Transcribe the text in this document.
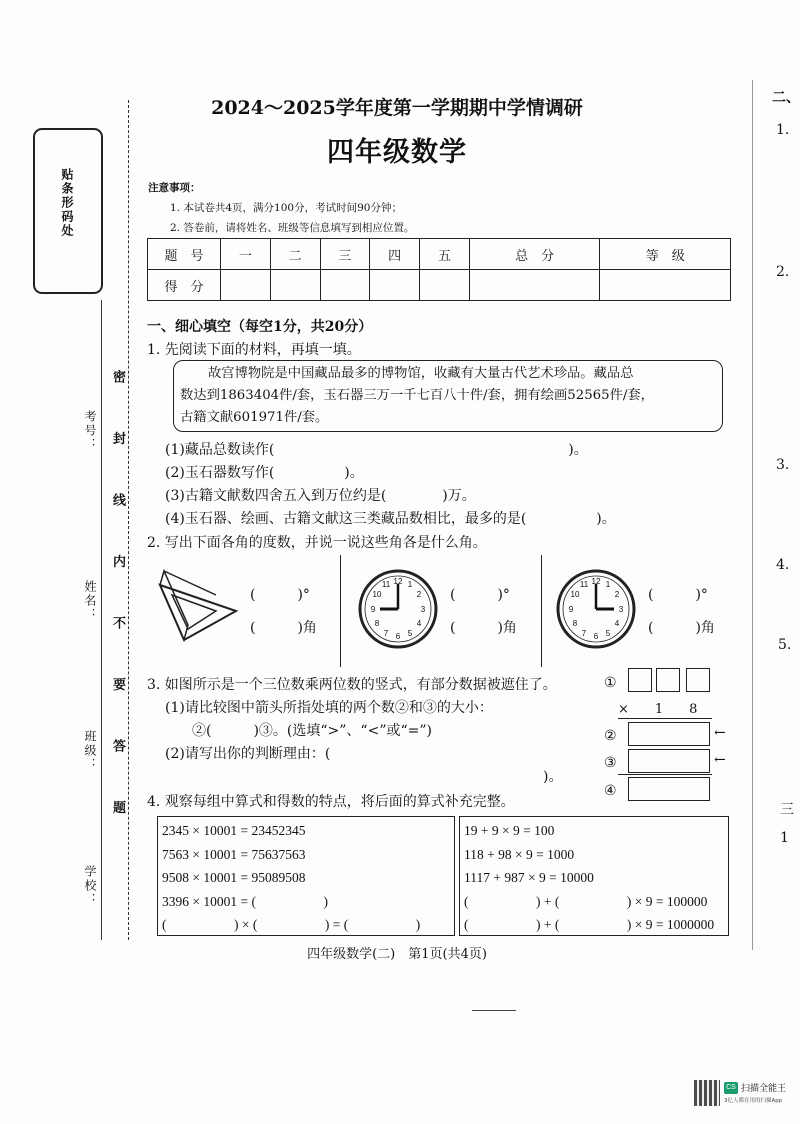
贴条形码处
密 封 线 内 不 要 答 题
考号：
姓名：
班级：
学校：
2024～2025学年度第一学期期中学情调研
四年级数学
注意事项：
1. 本试卷共4页，满分100分，考试时间90分钟；
2. 答卷前，请将姓名、班级等信息填写到相应位置。
题　号	一	二	三	四	五	总　分	等　级
得　分							
一、细心填空（每空1分，共20分）
1. 先阅读下面的材料，再填一填。
故宫博物院是中国藏品最多的博物馆，收藏有大量古代艺术珍品。藏品总
数达到1863404件/套，玉石器三万一千七百八十件/套，拥有绘画52565件/套，
古籍文献601971件/套。
(1)藏品总数读作(　　　　　　　　　　　　　　　　　　　　　)。
(2)玉石器数写作(　　　　　)。
(3)古籍文献数四舍五入到万位约是(　　　　)万。
(4)玉石器、绘画、古籍文献这三类藏品数相比，最多的是(　　　　　)。
2. 写出下面各角的度数，并说一说这些角各是什么角。
(　　　)°
(　　　)角
12 1
2
3
4
5
6
7
8
9
10
11
(　　　)°
(　　　)角
12 1
2
3
4
5
6
7
8
9
10
11
(　　　)°
(　　　)角
3. 如图所示是一个三位数乘两位数的竖式，有部分数据被遮住了。
(1)请比较图中箭头所指处填的两个数②和③的大小：
②(　　　)③。(选填“>”、“<”或“=”)
(2)请写出你的判断理由：(
)。
①
×　　1　　8
②	←
③	←
④
4. 观察每组中算式和得数的特点，将后面的算式补充完整。
2345 × 10001 = 23452345
7563 × 10001 = 75637563
9508 × 10001 = 95089508
3396 × 10001 = (　　　　　)
(　　　　　) × (　　　　　) = (　　　　　)
19 + 9 × 9 = 100
118 + 98 × 9 = 1000
1117 + 987 × 9 = 10000
(　　　　　) + (　　　　　) × 9 = 100000
(　　　　　) + (　　　　　) × 9 = 1000000
四年级数学(二)　第1页(共4页)
二、
1.
2.
3.
4.
5.
三
1
CS 扫描全能王
3亿人都在用的扫描App
